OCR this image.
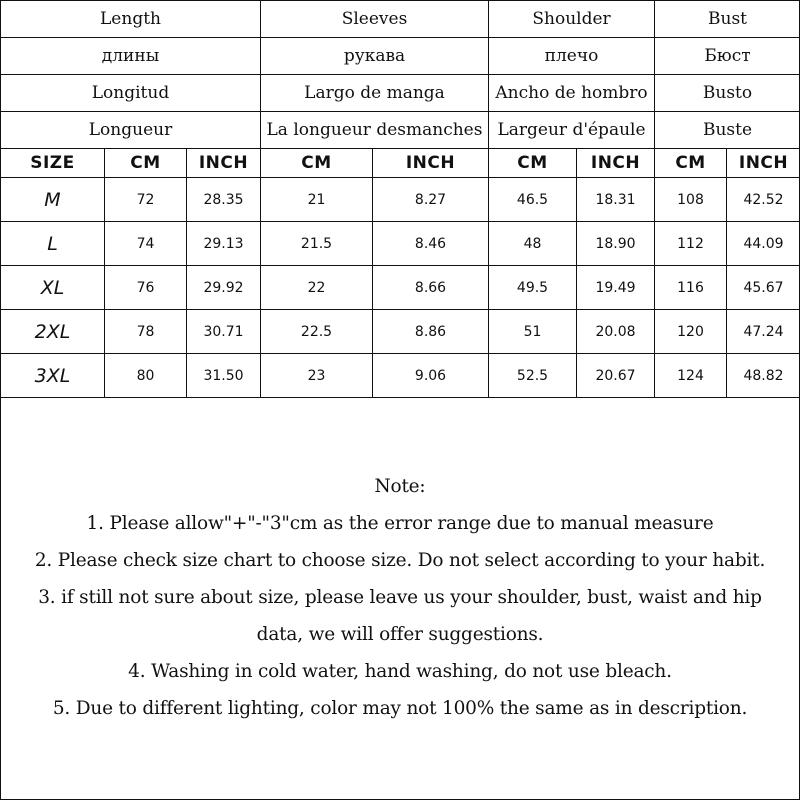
Length			Sleeves		Shoulder		Bust	
длины			рукава		плечо		Бюст	
Longitud			Largo de manga		Ancho de hombro		Busto	
Longueur			La longueur desmanches		Largeur d'épaule		Buste	
SIZE	CM	INCH	CM	INCH	CM	INCH	CM	INCH
M	72	28.35	21	8.27	46.5	18.31	108	42.52
L	74	29.13	21.5	8.46	48	18.90	112	44.09
XL	76	29.92	22	8.66	49.5	19.49	116	45.67
2XL	78	30.71	22.5	8.86	51	20.08	120	47.24
3XL	80	31.50	23	9.06	52.5	20.67	124	48.82
Note:
1. Please allow"+"-"3"cm as the error range due to manual measure
2. Please check size chart to choose size. Do not select according to your habit.
3. if still not sure about size, please leave us your shoulder, bust, waist and hip
data, we will offer suggestions.
4. Washing in cold water, hand washing, do not use bleach.
5. Due to different lighting, color may not 100% the same as in description.
